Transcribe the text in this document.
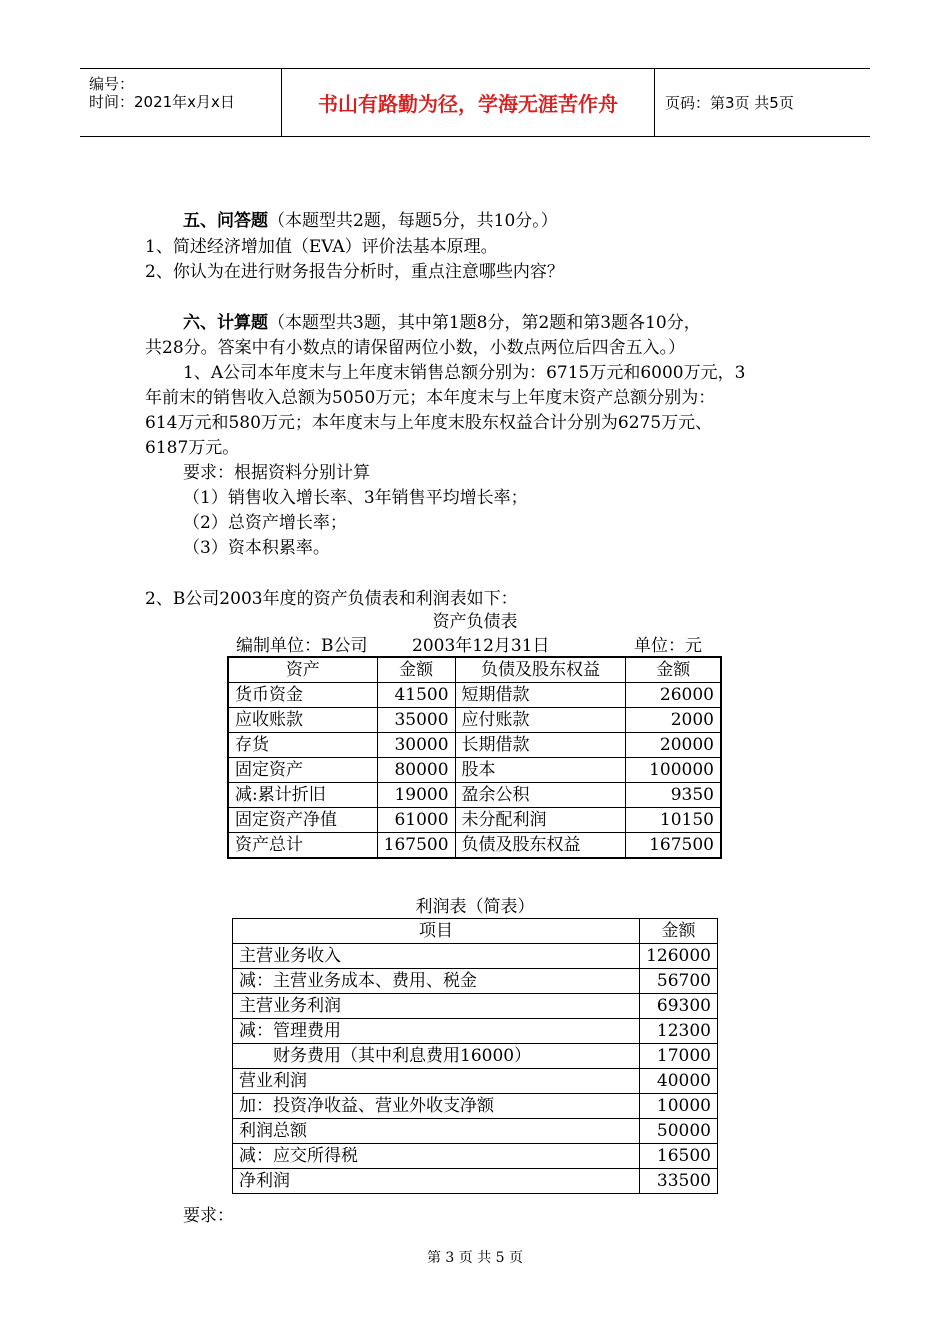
编号：
时间：2021年x月x日	书山有路勤为径，学海无涯苦作舟	页码：第3页 共5页
五、问答题（本题型共2题，每题5分，共10分。）
1、简述经济增加值（EVA）评价法基本原理。
2、你认为在进行财务报告分析时，重点注意哪些内容？
六、计算题（本题型共3题，其中第1题8分，第2题和第3题各10分，
共28分。答案中有小数点的请保留两位小数，小数点两位后四舍五入。）
1、A公司本年度末与上年度末销售总额分别为：6715万元和6000万元，3
年前末的销售收入总额为5050万元；本年度末与上年度末资产总额分别为：
614万元和580万元；本年度末与上年度末股东权益合计分别为6275万元、
6187万元。
要求：根据资料分别计算
（1）销售收入增长率、3年销售平均增长率；
（2）总资产增长率；
（3）资本积累率。
2、B公司2003年度的资产负债表和利润表如下：
资产负债表
编制单位：B公司	2003年12月31日	单位：元
资产	金额	负债及股东权益	金额
货币资金	41500	短期借款	26000
应收账款	35000	应付账款	2000
存货	30000	长期借款	20000
固定资产	80000	股本	100000
减:累计折旧	19000	盈余公积	9350
固定资产净值	61000	未分配利润	10150
资产总计	167500	负债及股东权益	167500
利润表（简表）
项目	金额
主营业务收入	126000
减：主营业务成本、费用、税金	56700
主营业务利润	69300
减：管理费用	12300
财务费用（其中利息费用16000）	17000
营业利润	40000
加：投资净收益、营业外收支净额	10000
利润总额	50000
减：应交所得税	16500
净利润	33500
要求：
第 3 页 共 5 页
